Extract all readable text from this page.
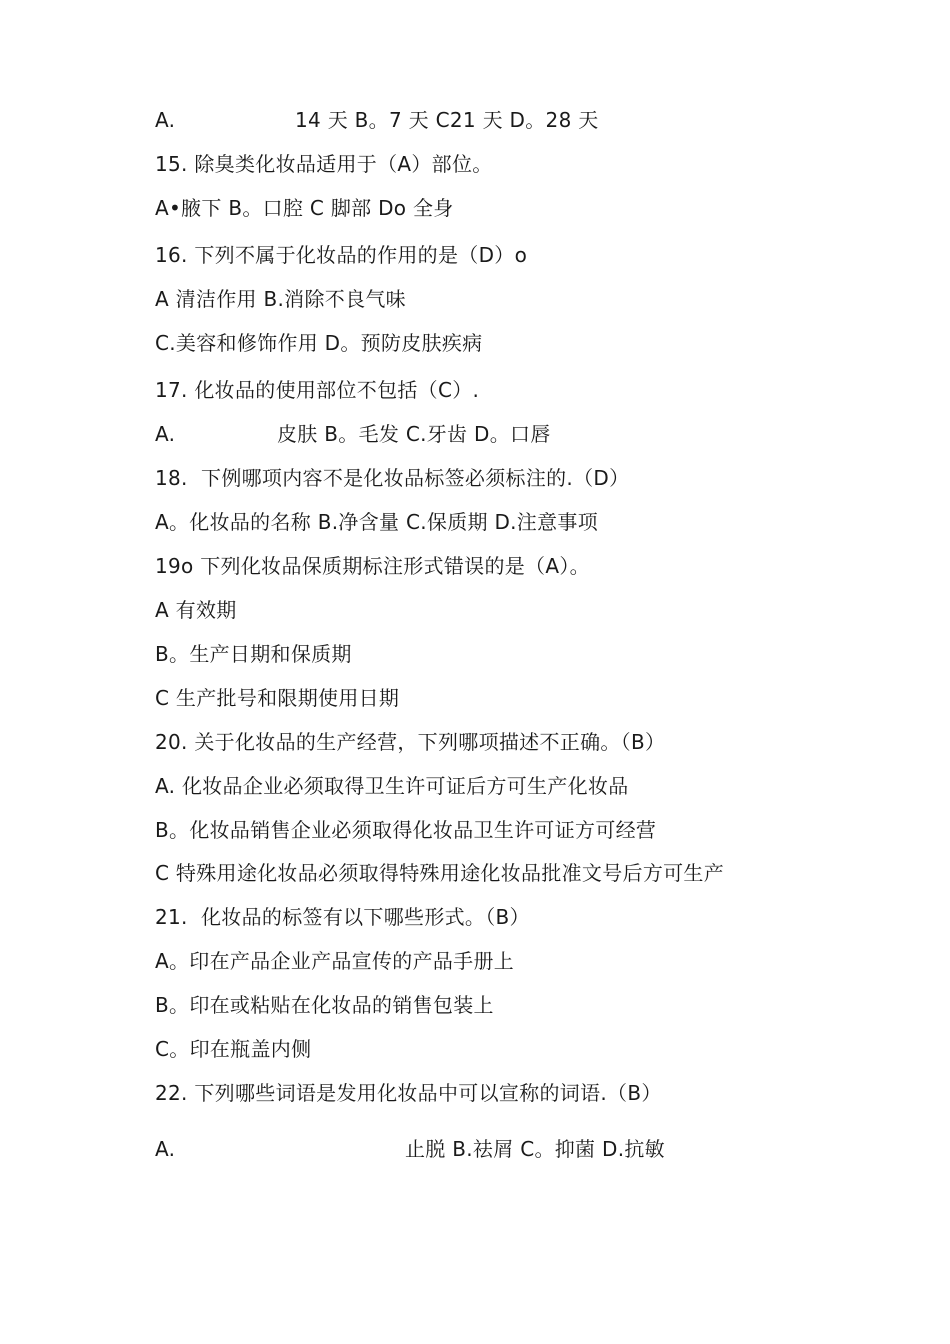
A.	14 天 B。7 天 C21 天 D。28 天
15. 除臭类化妆品适用于（A）部位。
A•腋下 B。口腔 C 脚部 Do 全身
16. 下列不属于化妆品的作用的是（D）o
A 清洁作用 B.消除不良气味
C.美容和修饰作用 D。预防皮肤疾病
17. 化妆品的使用部位不包括（C）.
A.	皮肤 B。毛发 C.牙齿 D。口唇
18.  下例哪项内容不是化妆品标签必须标注的.（D）
A。化妆品的名称 B.净含量 C.保质期 D.注意事项
19o 下列化妆品保质期标注形式错误的是（A）。
A 有效期
B。生产日期和保质期
C 生产批号和限期使用日期
20. 关于化妆品的生产经营，下列哪项描述不正确。（B）
A. 化妆品企业必须取得卫生许可证后方可生产化妆品
B。化妆品销售企业必须取得化妆品卫生许可证方可经营
C 特殊用途化妆品必须取得特殊用途化妆品批准文号后方可生产
21.  化妆品的标签有以下哪些形式。（B）
A。印在产品企业产品宣传的产品手册上
B。印在或粘贴在化妆品的销售包装上
C。印在瓶盖内侧
22. 下列哪些词语是发用化妆品中可以宣称的词语.（B）
A.	止脱 B.祛屑 C。抑菌 D.抗敏
